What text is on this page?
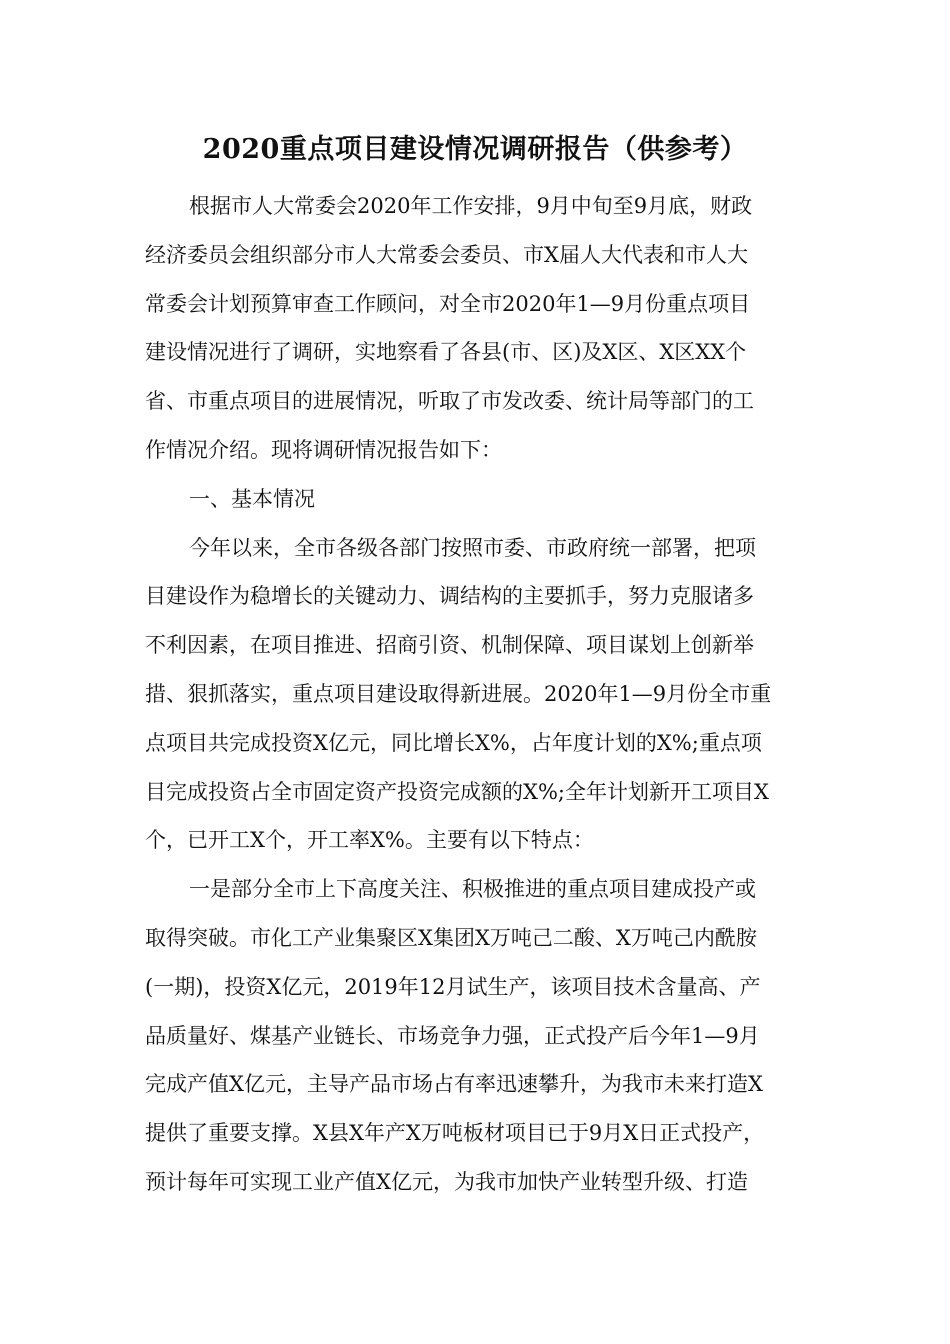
2020重点项目建设情况调研报告（供参考）
根据市人大常委会2020年工作安排，9月中旬至9月底，财政
经济委员会组织部分市人大常委会委员、市X届人大代表和市人大
常委会计划预算审查工作顾问，对全市2020年1—9月份重点项目
建设情况进行了调研，实地察看了各县(市、区)及X区、X区XX个
省、市重点项目的进展情况，听取了市发改委、统计局等部门的工
作情况介绍。现将调研情况报告如下：
一、基本情况
今年以来，全市各级各部门按照市委、市政府统一部署，把项
目建设作为稳增长的关键动力、调结构的主要抓手，努力克服诸多
不利因素，在项目推进、招商引资、机制保障、项目谋划上创新举
措、狠抓落实，重点项目建设取得新进展。2020年1—9月份全市重
点项目共完成投资X亿元，同比增长X%，占年度计划的X%;重点项
目完成投资占全市固定资产投资完成额的X%;全年计划新开工项目X
个，已开工X个，开工率X%。主要有以下特点：
一是部分全市上下高度关注、积极推进的重点项目建成投产或
取得突破。市化工产业集聚区X集团X万吨己二酸、X万吨己内酰胺
(一期)，投资X亿元，2019年12月试生产，该项目技术含量高、产
品质量好、煤基产业链长、市场竞争力强，正式投产后今年1—9月
完成产值X亿元，主导产品市场占有率迅速攀升，为我市未来打造X
提供了重要支撑。X县X年产X万吨板材项目已于9月X日正式投产，
预计每年可实现工业产值X亿元，为我市加快产业转型升级、打造
